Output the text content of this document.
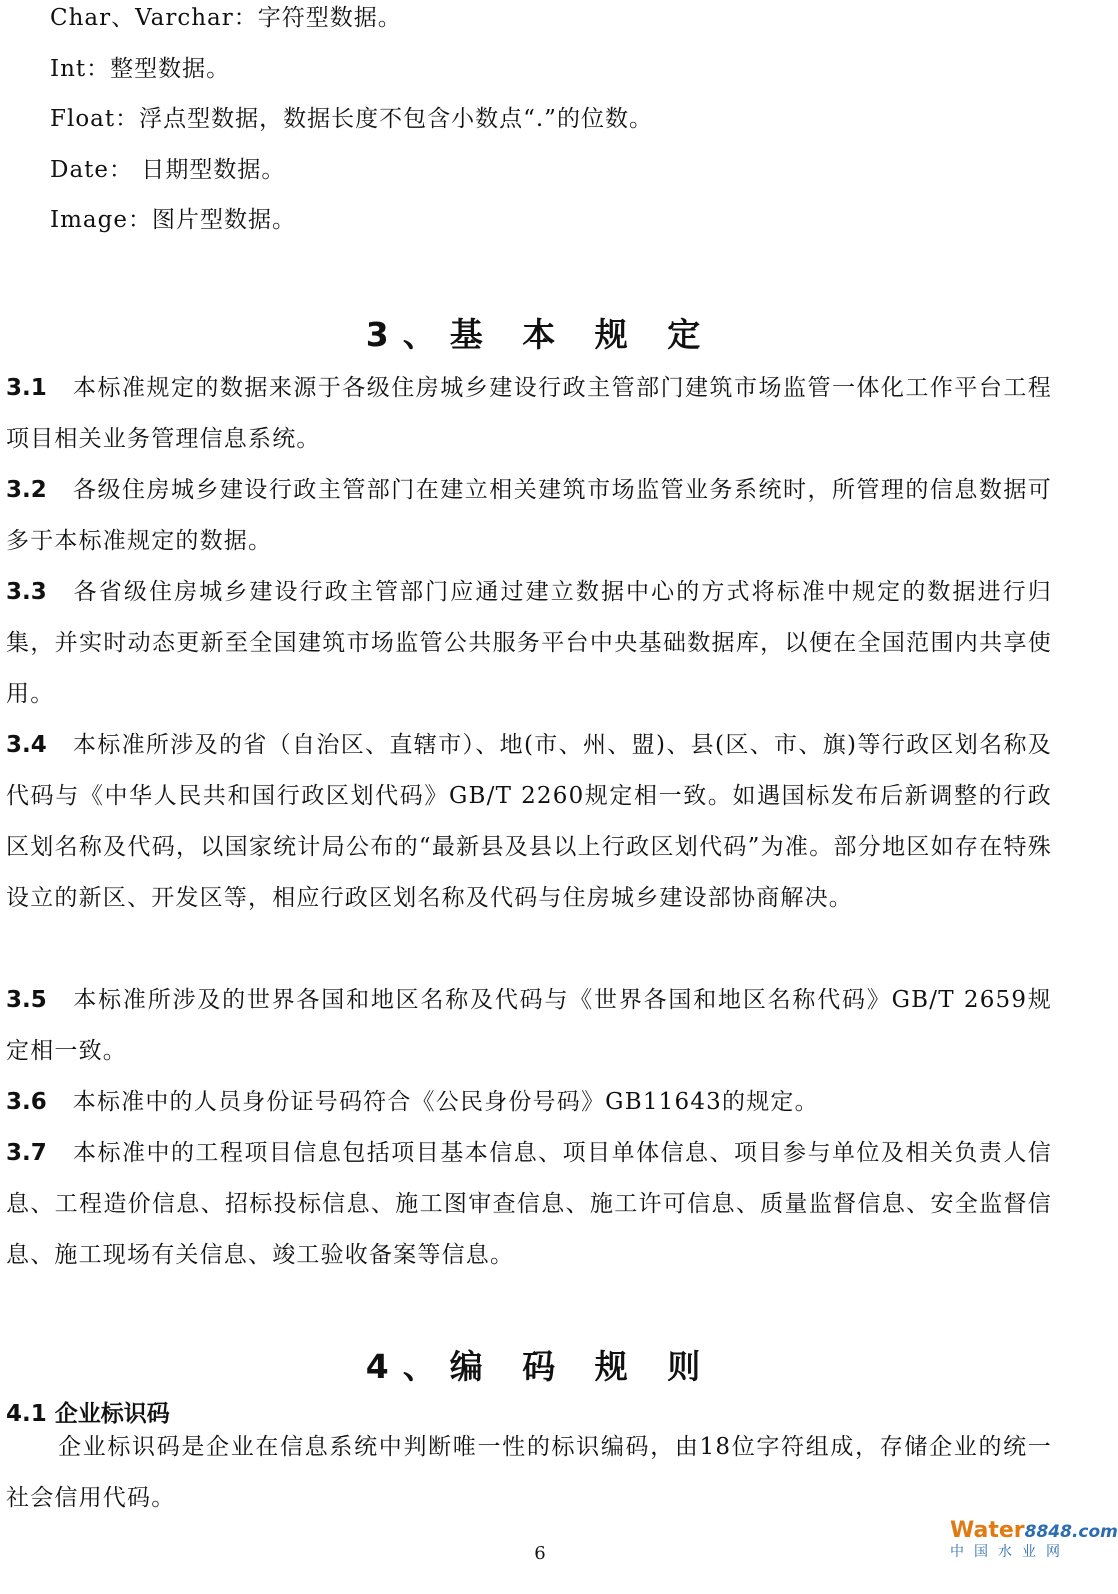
Char、Varchar：字符型数据。
Int：整型数据。
Float：浮点型数据，数据长度不包含小数点“.”的位数。
Date： 日期型数据。
Image：图片型数据。
3、基 本 规 定
3.1 本标准规定的数据来源于各级住房城乡建设行政主管部门建筑市场监管一体化工作平台工程项目相关业务管理信息系统。
3.2 各级住房城乡建设行政主管部门在建立相关建筑市场监管业务系统时，所管理的信息数据可多于本标准规定的数据。
3.3 各省级住房城乡建设行政主管部门应通过建立数据中心的方式将标准中规定的数据进行归集，并实时动态更新至全国建筑市场监管公共服务平台中央基础数据库，以便在全国范围内共享使用。
3.4 本标准所涉及的省（自治区、直辖市）、地(市、州、盟)、县(区、市、旗)等行政区划名称及代码与《中华人民共和国行政区划代码》GB/T 2260规定相一致。如遇国标发布后新调整的行政区划名称及代码，以国家统计局公布的“最新县及县以上行政区划代码”为准。部分地区如存在特殊设立的新区、开发区等，相应行政区划名称及代码与住房城乡建设部协商解决。
3.5 本标准所涉及的世界各国和地区名称及代码与《世界各国和地区名称代码》GB/T 2659规定相一致。
3.6 本标准中的人员身份证号码符合《公民身份号码》GB11643的规定。
3.7 本标准中的工程项目信息包括项目基本信息、项目单体信息、项目参与单位及相关负责人信息、工程造价信息、招标投标信息、施工图审查信息、施工许可信息、质量监督信息、安全监督信息、施工现场有关信息、竣工验收备案等信息。
4、编 码 规 则
4.1 企业标识码
企业标识码是企业在信息系统中判断唯一性的标识编码，由18位字符组成，存储企业的统一社会信用代码。
6
Water8848.com
中国水业网
